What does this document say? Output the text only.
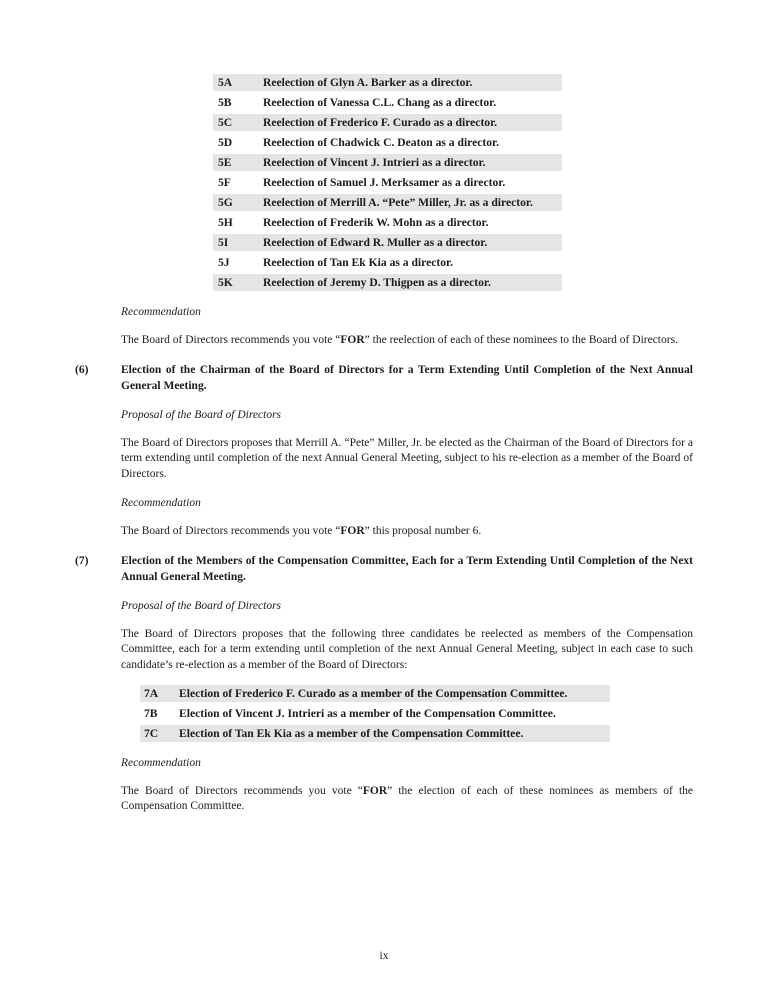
5A	Reelection of Glyn A. Barker as a director.
5B	Reelection of Vanessa C.L. Chang as a director.
5C	Reelection of Frederico F. Curado as a director.
5D	Reelection of Chadwick C. Deaton as a director.
5E	Reelection of Vincent J. Intrieri as a director.
5F	Reelection of Samuel J. Merksamer as a director.
5G	Reelection of Merrill A. “Pete” Miller, Jr. as a director.
5H	Reelection of Frederik W. Mohn as a director.
5I	Reelection of Edward R. Muller as a director.
5J	Reelection of Tan Ek Kia as a director.
5K	Reelection of Jeremy D. Thigpen as a director.

Recommendation

The Board of Directors recommends you vote “FOR” the reelection of each of these nominees to the Board of Directors.

(6)	Election of the Chairman of the Board of Directors for a Term Extending Until Completion of the Next Annual General Meeting.

Proposal of the Board of Directors

The Board of Directors proposes that Merrill A. “Pete” Miller, Jr. be elected as the Chairman of the Board of Directors for a term extending until completion of the next Annual General Meeting, subject to his re-election as a member of the Board of Directors.

Recommendation

The Board of Directors recommends you vote “FOR” this proposal number 6.

(7)	Election of the Members of the Compensation Committee, Each for a Term Extending Until Completion of the Next Annual General Meeting.

Proposal of the Board of Directors

The Board of Directors proposes that the following three candidates be reelected as members of the Compensation Committee, each for a term extending until completion of the next Annual General Meeting, subject in each case to such candidate’s re-election as a member of the Board of Directors:

7A	Election of Frederico F. Curado as a member of the Compensation Committee.
7B	Election of Vincent J. Intrieri as a member of the Compensation Committee.
7C	Election of Tan Ek Kia as a member of the Compensation Committee.

Recommendation

The Board of Directors recommends you vote “FOR” the election of each of these nominees as members of the Compensation Committee.

ix
